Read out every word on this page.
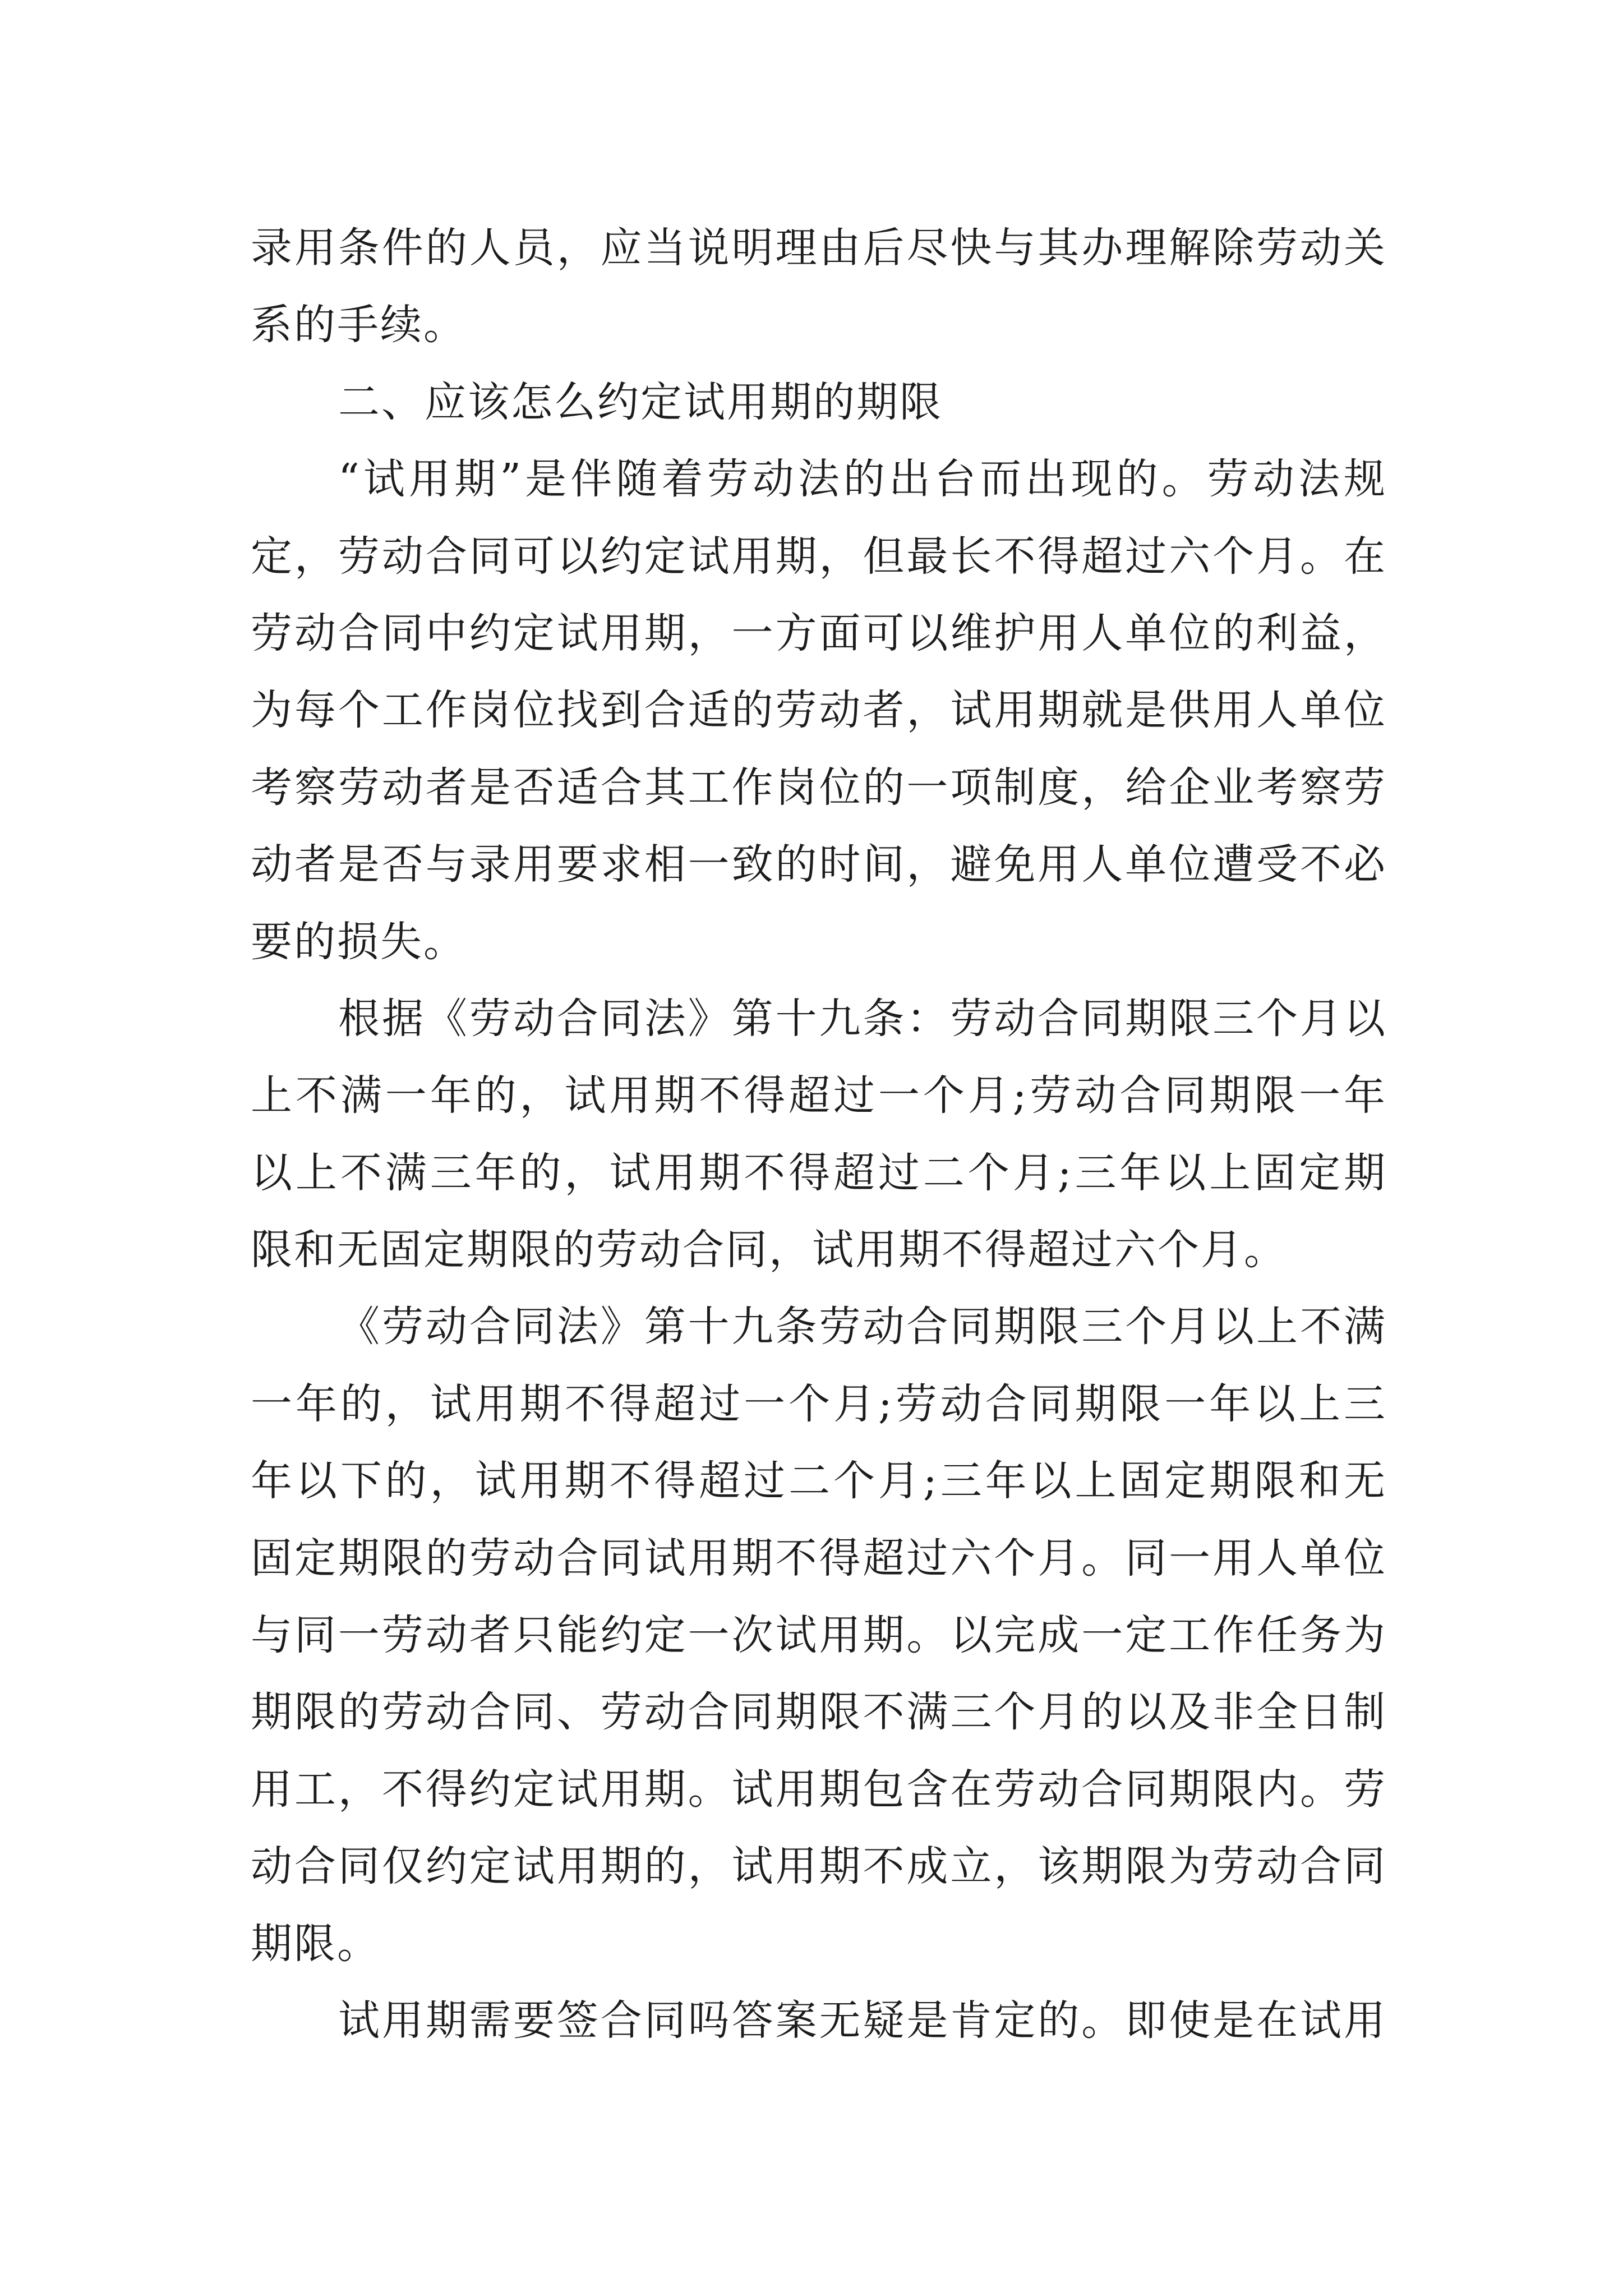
录用条件的人员，应当说明理由后尽快与其办理解除劳动关
系的手续。
二、应该怎么约定试用期的期限
“试用期”是伴随着劳动法的出台而出现的。劳动法规
定，劳动合同可以约定试用期，但最长不得超过六个月。在
劳动合同中约定试用期，一方面可以维护用人单位的利益，
为每个工作岗位找到合适的劳动者，试用期就是供用人单位
考察劳动者是否适合其工作岗位的一项制度，给企业考察劳
动者是否与录用要求相一致的时间，避免用人单位遭受不必
要的损失。
根据《劳动合同法》第十九条：劳动合同期限三个月以
上不满一年的，试用期不得超过一个月;劳动合同期限一年
以上不满三年的，试用期不得超过二个月;三年以上固定期
限和无固定期限的劳动合同，试用期不得超过六个月。
《劳动合同法》第十九条劳动合同期限三个月以上不满
一年的，试用期不得超过一个月;劳动合同期限一年以上三
年以下的，试用期不得超过二个月;三年以上固定期限和无
固定期限的劳动合同试用期不得超过六个月。同一用人单位
与同一劳动者只能约定一次试用期。以完成一定工作任务为
期限的劳动合同、劳动合同期限不满三个月的以及非全日制
用工，不得约定试用期。试用期包含在劳动合同期限内。劳
动合同仅约定试用期的，试用期不成立，该期限为劳动合同
期限。
试用期需要签合同吗答案无疑是肯定的。即使是在试用
